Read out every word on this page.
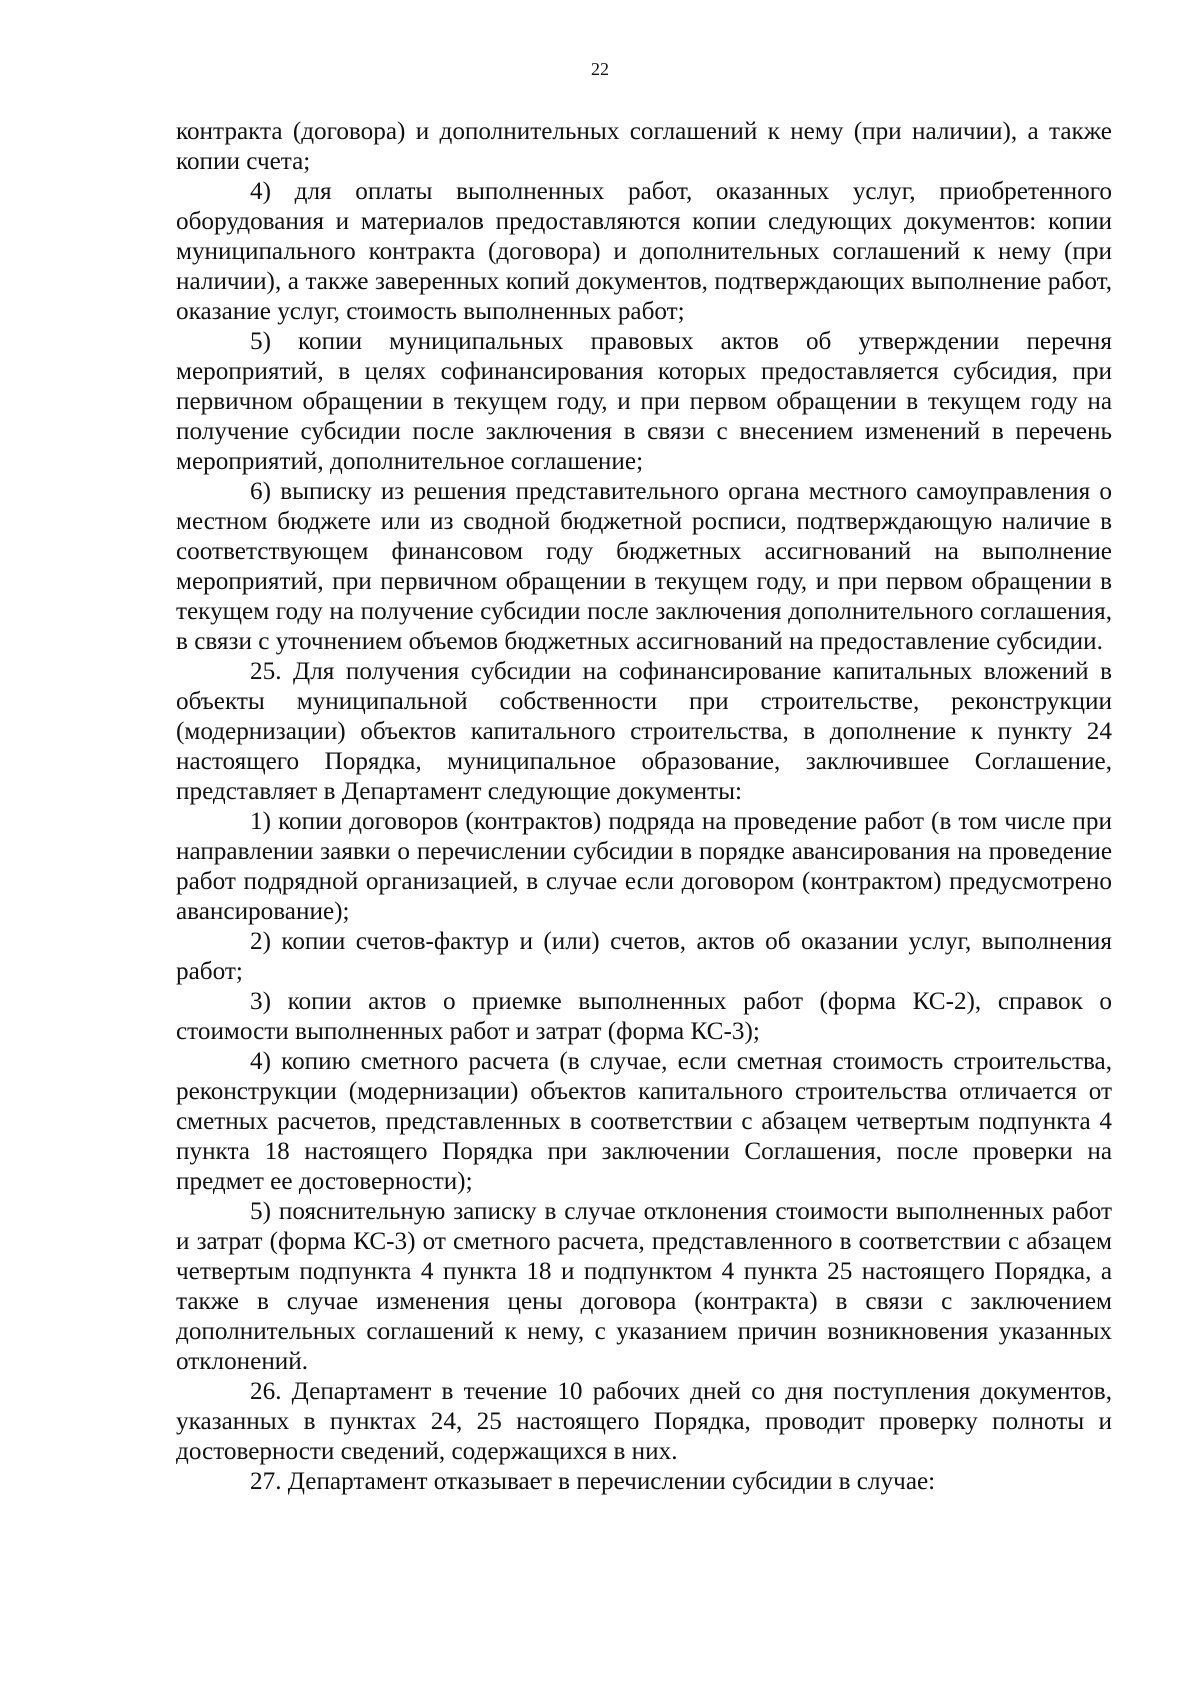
22

контракта (договора) и дополнительных соглашений к нему (при наличии), а также копии счета;

4) для оплаты выполненных работ, оказанных услуг, приобретенного оборудования и материалов предоставляются копии следующих документов: копии муниципального контракта (договора) и дополнительных соглашений к нему (при наличии), а также заверенных копий документов, подтверждающих выполнение работ, оказание услуг, стоимость выполненных работ;

5) копии муниципальных правовых актов об утверждении перечня мероприятий, в целях софинансирования которых предоставляется субсидия, при первичном обращении в текущем году, и при первом обращении в текущем году на получение субсидии после заключения в связи с внесением изменений в перечень мероприятий, дополнительное соглашение;

6) выписку из решения представительного органа местного самоуправления о местном бюджете или из сводной бюджетной росписи, подтверждающую наличие в соответствующем финансовом году бюджетных ассигнований на выполнение мероприятий, при первичном обращении в текущем году, и при первом обращении в текущем году на получение субсидии после заключения дополнительного соглашения, в связи с уточнением объемов бюджетных ассигнований на предоставление субсидии.

25. Для получения субсидии на софинансирование капитальных вложений в объекты муниципальной собственности при строительстве, реконструкции (модернизации) объектов капитального строительства, в дополнение к пункту 24 настоящего Порядка, муниципальное образование, заключившее Соглашение, представляет в Департамент следующие документы:

1) копии договоров (контрактов) подряда на проведение работ (в том числе при направлении заявки о перечислении субсидии в порядке авансирования на проведение работ подрядной организацией, в случае если договором (контрактом) предусмотрено авансирование);

2) копии счетов-фактур и (или) счетов, актов об оказании услуг, выполнения работ;

3) копии актов о приемке выполненных работ (форма КС-2), справок о стоимости выполненных работ и затрат (форма КС-3);

4) копию сметного расчета (в случае, если сметная стоимость строительства, реконструкции (модернизации) объектов капитального строительства отличается от сметных расчетов, представленных в соответствии с абзацем четвертым подпункта 4 пункта 18 настоящего Порядка при заключении Соглашения, после проверки на предмет ее достоверности);

5) пояснительную записку в случае отклонения стоимости выполненных работ и затрат (форма КС-3) от сметного расчета, представленного в соответствии с абзацем четвертым подпункта 4 пункта 18 и подпунктом 4 пункта 25 настоящего Порядка, а также в случае изменения цены договора (контракта) в связи с заключением дополнительных соглашений к нему, с указанием причин возникновения указанных отклонений.

26. Департамент в течение 10 рабочих дней со дня поступления документов, указанных в пунктах 24, 25 настоящего Порядка, проводит проверку полноты и достоверности сведений, содержащихся в них.

27. Департамент отказывает в перечислении субсидии в случае:
